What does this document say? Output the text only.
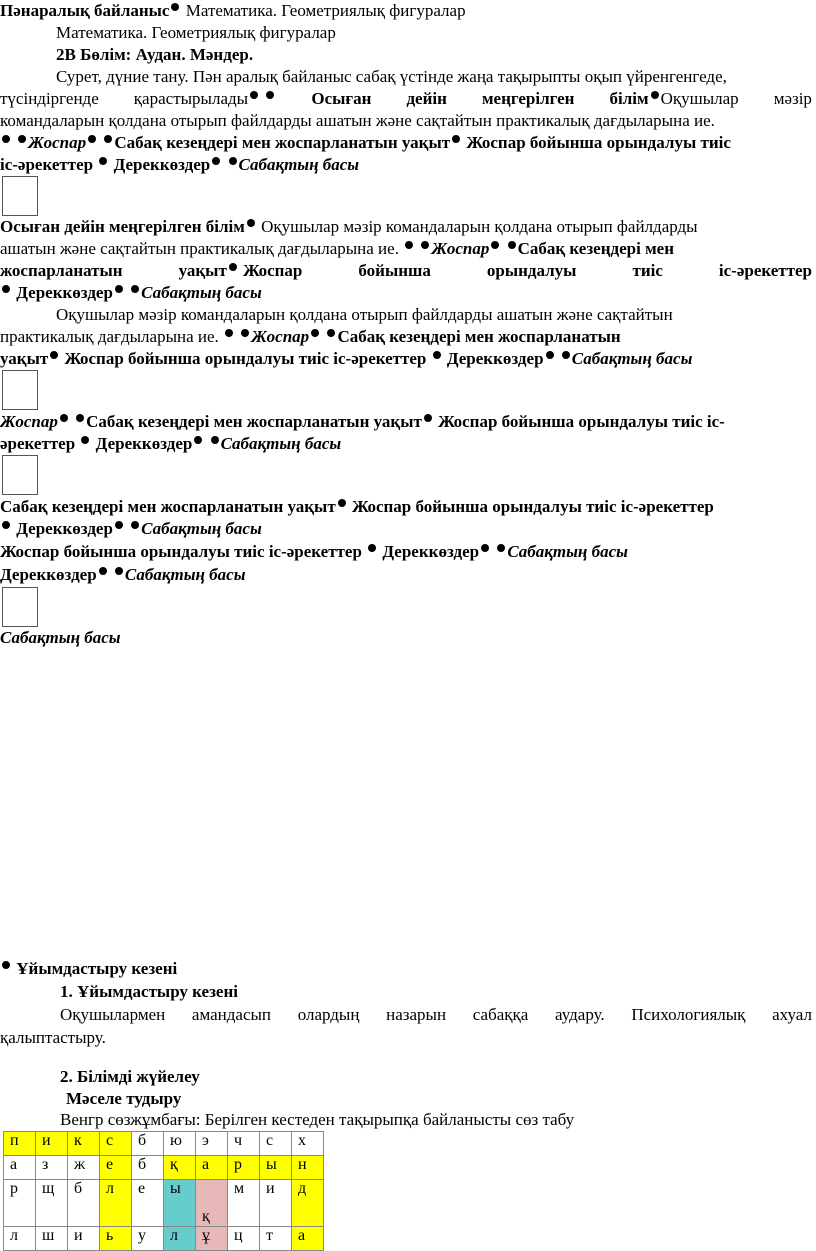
Пәнаралық байланыс Математика. Геометриялық фигуралар
Математика. Геометриялық фигуралар
2В Бөлім: Аудан. Мәндер.
Сурет, дүние тану. Пән аралық байланыс сабақ үстінде жаңа тақырыпты оқып үйренгенгеде,
түсіндіргенде қарастырылады	Осыған дейін меңгерілген білім Оқушылар мәзір
командаларын қолдана отырып файлдарды ашатын және сақтайтын практикалық дағдыларына ие.
Жоспар Сабақ кезеңдері мен жоспарланатын уақыт Жоспар бойынша орындалуы тиіс
іс-әрекеттер Дереккөздер Сабақтың басы
Осыған дейін меңгерілген білім Оқушылар мәзір командаларын қолдана отырып файлдарды
ашатын және сақтайтын практикалық дағдыларына ие. Жоспар Сабақ кезеңдері мен
жоспарланатын	уақыт Жоспар	бойынша	орындалуы	тиіс	іс-әрекеттер
Дереккөздер Сабақтың басы
Оқушылар мәзір командаларын қолдана отырып файлдарды ашатын және сақтайтын
практикалық дағдыларына ие. Жоспар Сабақ кезеңдері мен жоспарланатын
уақыт Жоспар бойынша орындалуы тиіс іс-әрекеттер Дереккөздер Сабақтың басы
Жоспар Сабақ кезеңдері мен жоспарланатын уақыт Жоспар бойынша орындалуы тиіс іс-
әрекеттер Дереккөздер Сабақтың басы
Сабақ кезеңдері мен жоспарланатын уақыт Жоспар бойынша орындалуы тиіс іс-әрекеттер
Дереккөздер Сабақтың басы
Жоспар бойынша орындалуы тиіс іс-әрекеттер Дереккөздер Сабақтың басы
Дереккөздер Сабақтың басы
Сабақтың басы
Ұйымдастыру кезені
1. Ұйымдастыру кезені
Оқушылармен амандасып олардың назарын сабаққа аудару. Психологиялық ахуал
қалыптастыру.
2. Білімді жүйелеу
Мәселе тудыру
Венгр сөзжұмбағы: Берілген кестеден тақырыпқа байланысты сөз табу
п	и	к	с	б	ю	э	ч	с	х
а	з	ж	е	б	қ	а	р	ы	н
р	щ	б	л	е	ы	қ	м	и	д
л	ш	и	ь	у	л	ұ	ц	т	а
